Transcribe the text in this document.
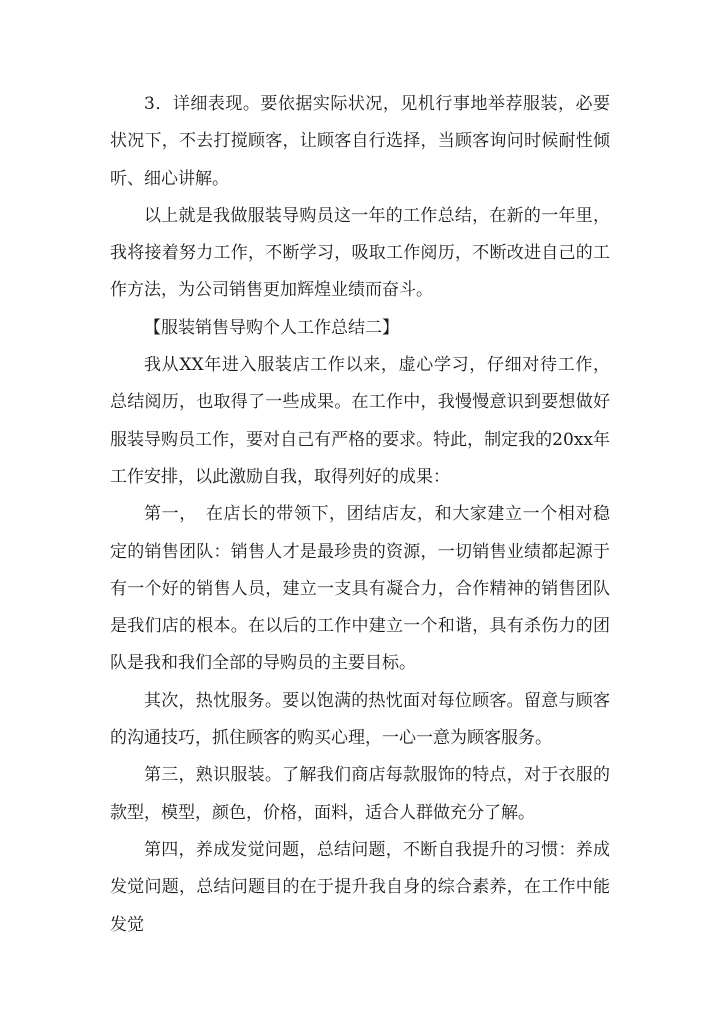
3．详细表现。要依据实际状况，见机行事地举荐服装，必要状况下，不去打搅顾客，让顾客自行选择，当顾客询问时候耐性倾听、细心讲解。

以上就是我做服装导购员这一年的工作总结，在新的一年里，我将接着努力工作，不断学习，吸取工作阅历，不断改进自己的工作方法，为公司销售更加辉煌业绩而奋斗。

【服装销售导购个人工作总结二】

我从XX年进入服装店工作以来，虚心学习，仔细对待工作，总结阅历，也取得了一些成果。在工作中，我慢慢意识到要想做好服装导购员工作，要对自己有严格的要求。特此，制定我的20xx年工作安排，以此激励自我，取得列好的成果：

第一，　在店长的带领下，团结店友，和大家建立一个相对稳定的销售团队：销售人才是最珍贵的资源，一切销售业绩都起源于有一个好的销售人员，建立一支具有凝合力，合作精神的销售团队是我们店的根本。在以后的工作中建立一个和谐，具有杀伤力的团队是我和我们全部的导购员的主要目标。

其次，热忱服务。要以饱满的热忱面对每位顾客。留意与顾客的沟通技巧，抓住顾客的购买心理，一心一意为顾客服务。

第三，熟识服装。了解我们商店每款服饰的特点，对于衣服的款型，模型，颜色，价格，面料，适合人群做充分了解。

第四，养成发觉问题，总结问题，不断自我提升的习惯：养成发觉问题，总结问题目的在于提升我自身的综合素养，在工作中能发觉
